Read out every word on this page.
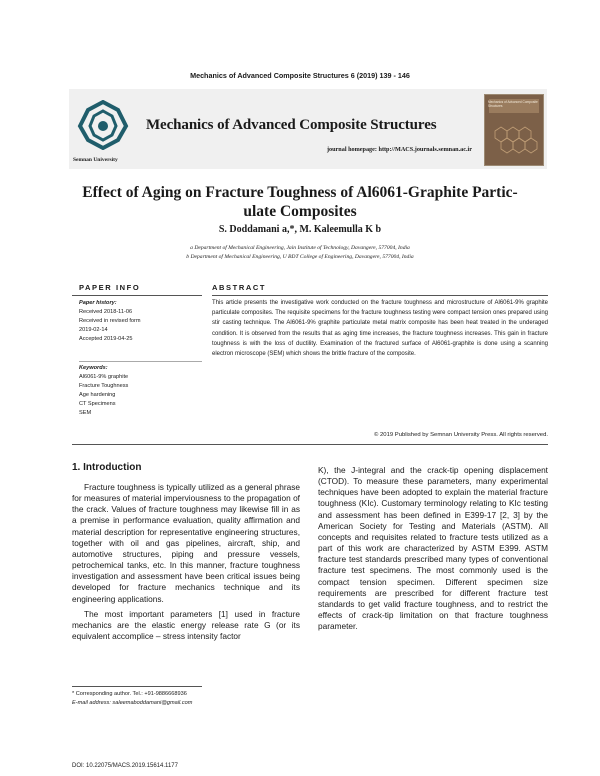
Mechanics of Advanced Composite Structures 6 (2019) 139 - 146
Semnan University
Mechanics of Advanced Composite Structures
journal homepage: http://MACS.journals.semnan.ac.ir
Mechanics of Advanced Composite Structures
Effect of Aging on Fracture Toughness of Al6061-Graphite Partic-
ulate Composites
S. Doddamani a,*, M. Kaleemulla K b
a Department of Mechanical Engineering, Jain Institute of Technology, Davangere, 577004, India
b Department of Mechanical Engineering, U BDT College of Engineering, Davangere, 577004, India
PAPER INFO	ABSTRACT
Paper history:
Received 2018-11-06
Received in revised form
2019-02-14
Accepted 2019-04-25
Keywords:
Al6061-9% graphite
Fracture Toughness
Age hardening
CT Specimens
SEM
This article presents the investigative work conducted on the fracture toughness and microstructure of Al6061-9% graphite particulate composites. The requisite specimens for the fracture toughness testing were compact tension ones prepared using stir casting technique. The Al6061-9% graphite particulate metal matrix composite has been heat treated in the underaged condition. It is observed from the results that as aging time increases, the fracture toughness increases. This gain in fracture toughness is with the loss of ductility. Examination of the fractured surface of Al6061-graphite is done using a scanning electron microscope (SEM) which shows the brittle fracture of the composite.
© 2019 Published by Semnan University Press. All rights reserved.
1. Introduction

Fracture toughness is typically utilized as a general phrase for measures of material imperviousness to the propagation of the crack. Values of fracture toughness may likewise fill in as a premise in performance evaluation, quality affirmation and material description for representative engineering structures, together with oil and gas pipelines, aircraft, ship, and automotive structures, piping and pressure vessels, petrochemical tanks, etc. In this manner, fracture toughness investigation and assessment have been critical issues being developed for fracture mechanics technique and its engineering applications.

The most important parameters [1] used in fracture mechanics are the elastic energy release rate G (or its equivalent accomplice – stress intensity factor

K), the J-integral and the crack-tip opening displacement (CTOD). To measure these parameters, many experimental techniques have been adopted to explain the material fracture toughness (KIc). Customary terminology relating to KIc testing and assessment has been defined in E399-17 [2, 3] by the American Society for Testing and Materials (ASTM). All concepts and requisites related to fracture tests utilized as a part of this work are characterized by ASTM E399. ASTM fracture test standards prescribed many types of conventional fracture test specimens. The most commonly used is the compact tension specimen. Different specimen size requirements are prescribed for different fracture test standards to get valid fracture toughness, and to restrict the effects of crack-tip limitation on that fracture toughness parameter.

* Corresponding author. Tel.: +91-9886668936
E-mail address: saleemaboddamani@gmail.com
DOI: 10.22075/MACS.2019.15614.1177
